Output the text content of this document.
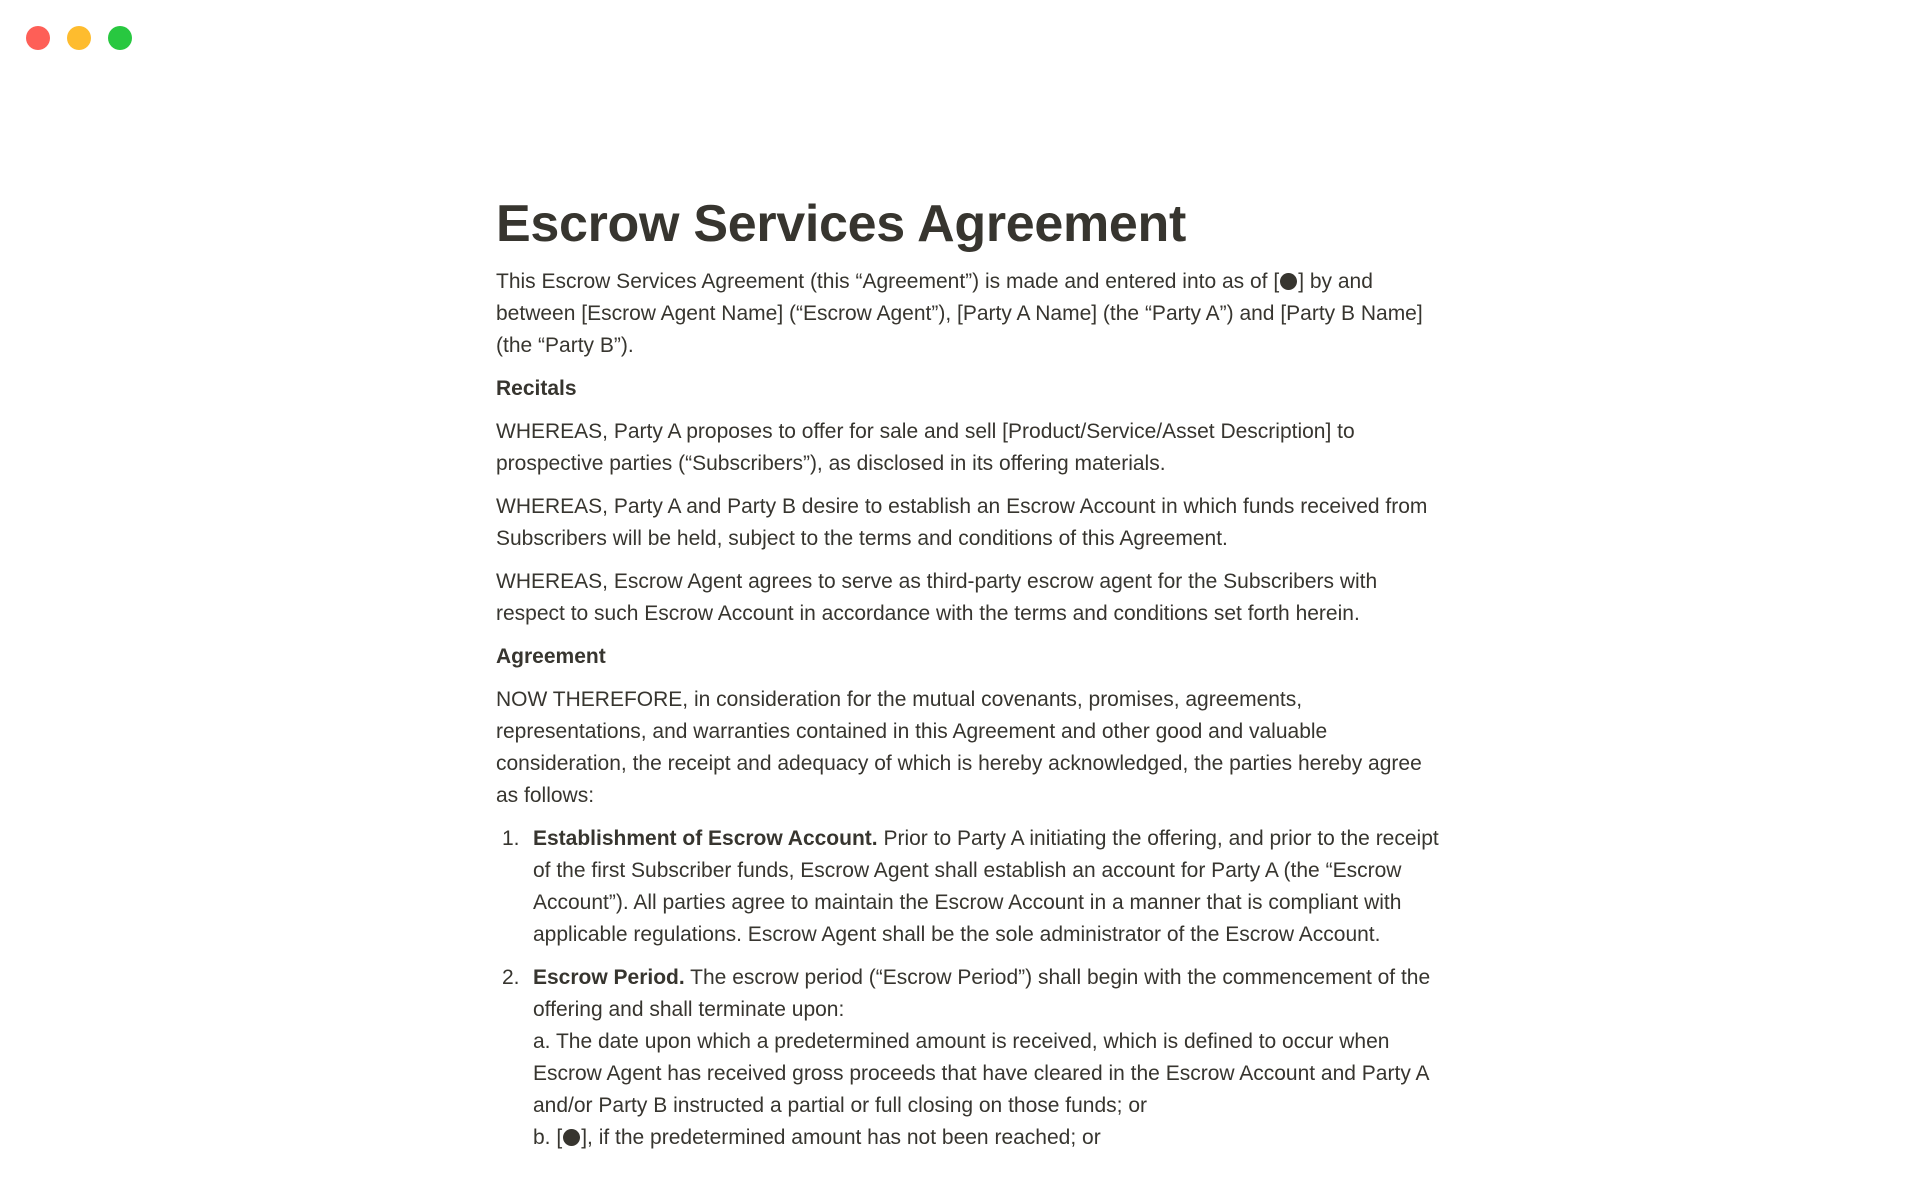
Escrow Services Agreement

This Escrow Services Agreement (this “Agreement”) is made and entered into as of [ ] by and between [Escrow Agent Name] (“Escrow Agent”), [Party A Name] (the “Party A”) and [Party B Name] (the “Party B”).

Recitals

WHEREAS, Party A proposes to offer for sale and sell [Product/Service/Asset Description] to prospective parties (“Subscribers”), as disclosed in its offering materials.

WHEREAS, Party A and Party B desire to establish an Escrow Account in which funds received from Subscribers will be held, subject to the terms and conditions of this Agreement.

WHEREAS, Escrow Agent agrees to serve as third-party escrow agent for the Subscribers with respect to such Escrow Account in accordance with the terms and conditions set forth herein.

Agreement

NOW THEREFORE, in consideration for the mutual covenants, promises, agreements, representations, and warranties contained in this Agreement and other good and valuable consideration, the receipt and adequacy of which is hereby acknowledged, the parties hereby agree as follows:

1. Establishment of Escrow Account. Prior to Party A initiating the offering, and prior to the receipt of the first Subscriber funds, Escrow Agent shall establish an account for Party A (the “Escrow Account”). All parties agree to maintain the Escrow Account in a manner that is compliant with applicable regulations. Escrow Agent shall be the sole administrator of the Escrow Account.
2. Escrow Period. The escrow period (“Escrow Period”) shall begin with the commencement of the offering and shall terminate upon:
a. The date upon which a predetermined amount is received, which is defined to occur when Escrow Agent has received gross proceeds that have cleared in the Escrow Account and Party A and/or Party B instructed a partial or full closing on those funds; or
b. [ ], if the predetermined amount has not been reached; or
